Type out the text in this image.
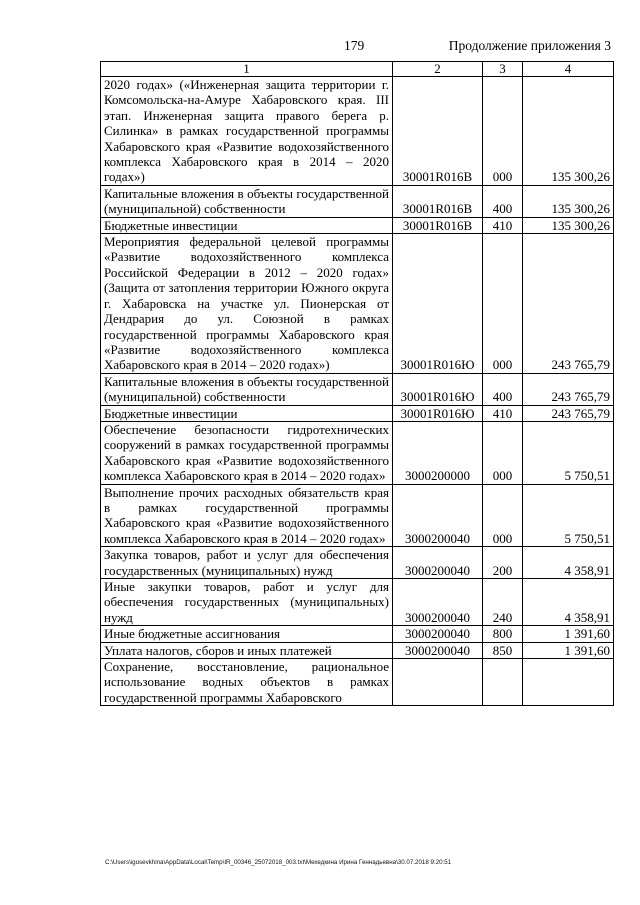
179	Продолжение приложения 3
1	2	3	4
2020 годах» («Инженерная защита территории г. Комсомольска-на-Амуре Хабаровского края. III этап. Инженерная защита правого берега р. Силинка» в рамках государственной программы Хабаровского края «Развитие водохозяйственного комплекса Хабаровского края в 2014 – 2020 годах»)	30001R016В	000	135 300,26
Капитальные вложения в объекты государственной (муниципальной) собственности	30001R016В	400	135 300,26
Бюджетные инвестиции	30001R016В	410	135 300,26
Мероприятия федеральной целевой программы «Развитие водохозяйственного комплекса Российской Федерации в 2012 – 2020 годах» (Защита от затопления территории Южного округа г. Хабаровска на участке ул. Пионерская от Дендрария до ул. Союзной в рамках государственной программы Хабаровского края «Развитие водохозяйственного комплекса Хабаровского края в 2014 – 2020 годах»)	30001R016Ю	000	243 765,79
Капитальные вложения в объекты государственной (муниципальной) собственности	30001R016Ю	400	243 765,79
Бюджетные инвестиции	30001R016Ю	410	243 765,79
Обеспечение безопасности гидротехнических сооружений в рамках государственной программы Хабаровского края «Развитие водохозяйственного комплекса Хабаровского края в 2014 – 2020 годах»	3000200000	000	5 750,51
Выполнение прочих расходных обязательств края в рамках государственной программы Хабаровского края «Развитие водохозяйственного комплекса Хабаровского края в 2014 – 2020 годах»	3000200040	000	5 750,51
Закупка товаров, работ и услуг для обеспечения государственных (муниципальных) нужд	3000200040	200	4 358,91
Иные закупки товаров, работ и услуг для обеспечения государственных (муниципальных) нужд	3000200040	240	4 358,91
Иные бюджетные ассигнования	3000200040	800	1 391,60
Уплата налогов, сборов и иных платежей	3000200040	850	1 391,60
Сохранение, восстановление, рациональное использование водных объектов в рамках государственной программы Хабаровского			
C:\Users\igusevkhina\AppData\Local\Temp\IR_00346_25072018_003.txt\Мехедкина Ирина Геннадьевна\30.07.2018 9:20:51
